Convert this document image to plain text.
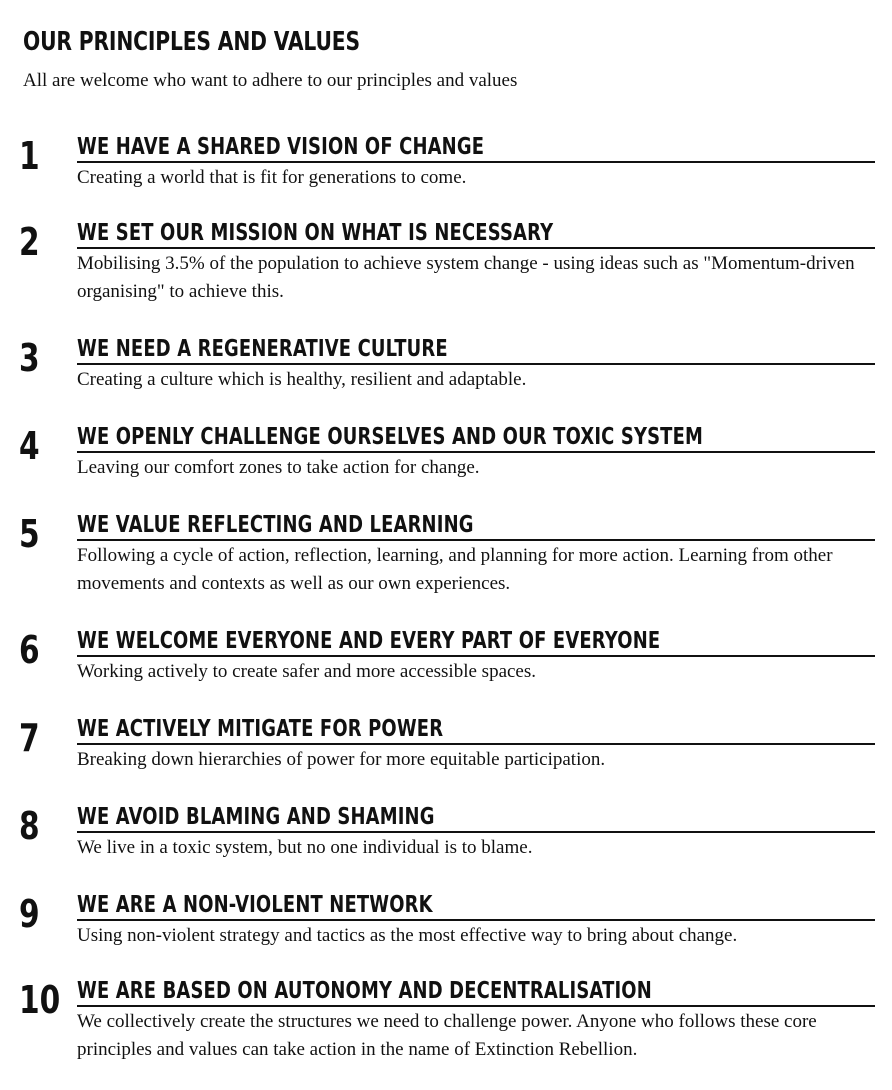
OUR PRINCIPLES AND VALUES

All are welcome who want to adhere to our principles and values

1 WE HAVE A SHARED VISION OF CHANGE

Creating a world that is fit for generations to come.

2 WE SET OUR MISSION ON WHAT IS NECESSARY

Mobilising 3.5% of the population to achieve system change - using ideas such as "Momentum-driven organising" to achieve this.

3 WE NEED A REGENERATIVE CULTURE

Creating a culture which is healthy, resilient and adaptable.

4 WE OPENLY CHALLENGE OURSELVES AND OUR TOXIC SYSTEM

Leaving our comfort zones to take action for change.

5 WE VALUE REFLECTING AND LEARNING

Following a cycle of action, reflection, learning, and planning for more action. Learning from other movements and contexts as well as our own experiences.

6 WE WELCOME EVERYONE AND EVERY PART OF EVERYONE

Working actively to create safer and more accessible spaces.

7 WE ACTIVELY MITIGATE FOR POWER

Breaking down hierarchies of power for more equitable participation.

8 WE AVOID BLAMING AND SHAMING

We live in a toxic system, but no one individual is to blame.

9 WE ARE A NON-VIOLENT NETWORK

Using non-violent strategy and tactics as the most effective way to bring about change.

10 WE ARE BASED ON AUTONOMY AND DECENTRALISATION

We collectively create the structures we need to challenge power. Anyone who follows these core principles and values can take action in the name of Extinction Rebellion.
